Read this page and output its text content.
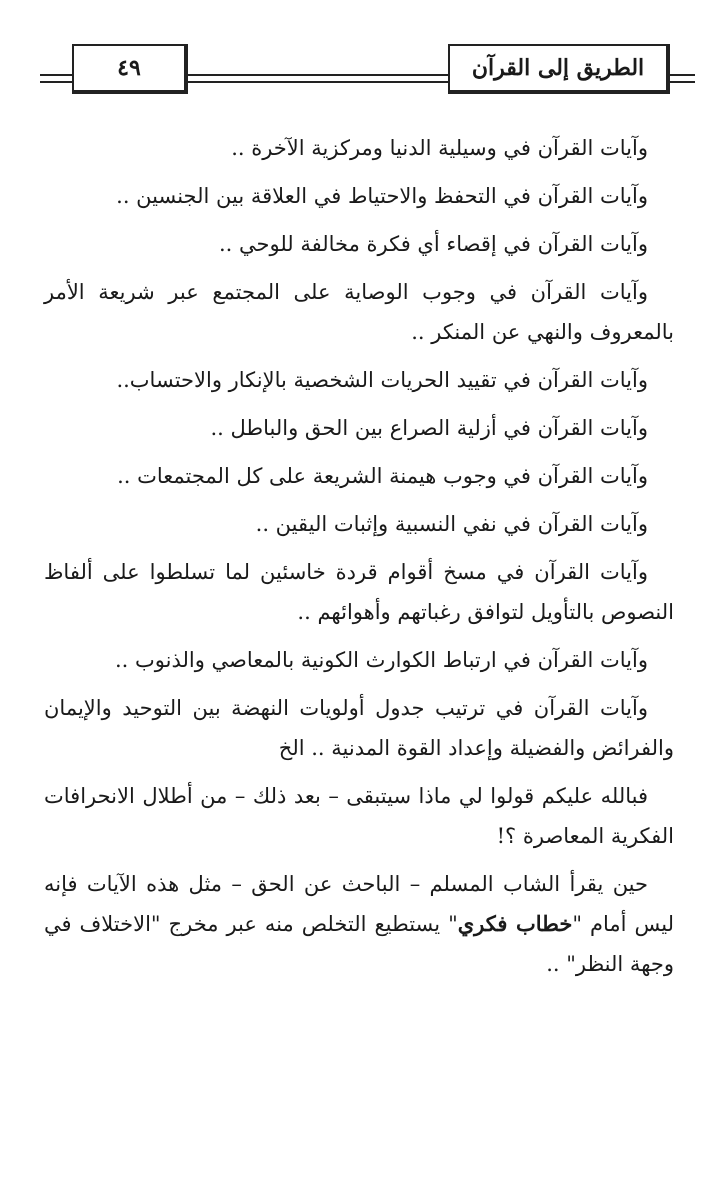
٤٩	الطريق إلى القرآن

وآيات القرآن في وسيلية الدنيا ومركزية الآخرة ..

وآيات القرآن في التحفظ والاحتياط في العلاقة بين الجنسين ..

وآيات القرآن في إقصاء أي فكرة مخالفة للوحي ..

وآيات القرآن في وجوب الوصاية على المجتمع عبر شريعة الأمر بالمعروف والنهي عن المنكر ..

وآيات القرآن في تقييد الحريات الشخصية بالإنكار والاحتساب..

وآيات القرآن في أزلية الصراع بين الحق والباطل ..

وآيات القرآن في وجوب هيمنة الشريعة على كل المجتمعات ..

وآيات القرآن في نفي النسبية وإثبات اليقين ..

وآيات القرآن في مسخ أقوام قردة خاسئين لما تسلطوا على ألفاظ النصوص بالتأويل لتوافق رغباتهم وأهوائهم ..

وآيات القرآن في ارتباط الكوارث الكونية بالمعاصي والذنوب ..

وآيات القرآن في ترتيب جدول أولويات النهضة بين التوحيد والإيمان والفرائض والفضيلة وإعداد القوة المدنية .. الخ

فبالله عليكم قولوا لي ماذا سيتبقى – بعد ذلك – من أطلال الانحرافات الفكرية المعاصرة ؟!

حين يقرأ الشاب المسلم – الباحث عن الحق – مثل هذه الآيات فإنه ليس أمام "خطاب فكري" يستطيع التخلص منه عبر مخرج "الاختلاف في وجهة النظر" ..
